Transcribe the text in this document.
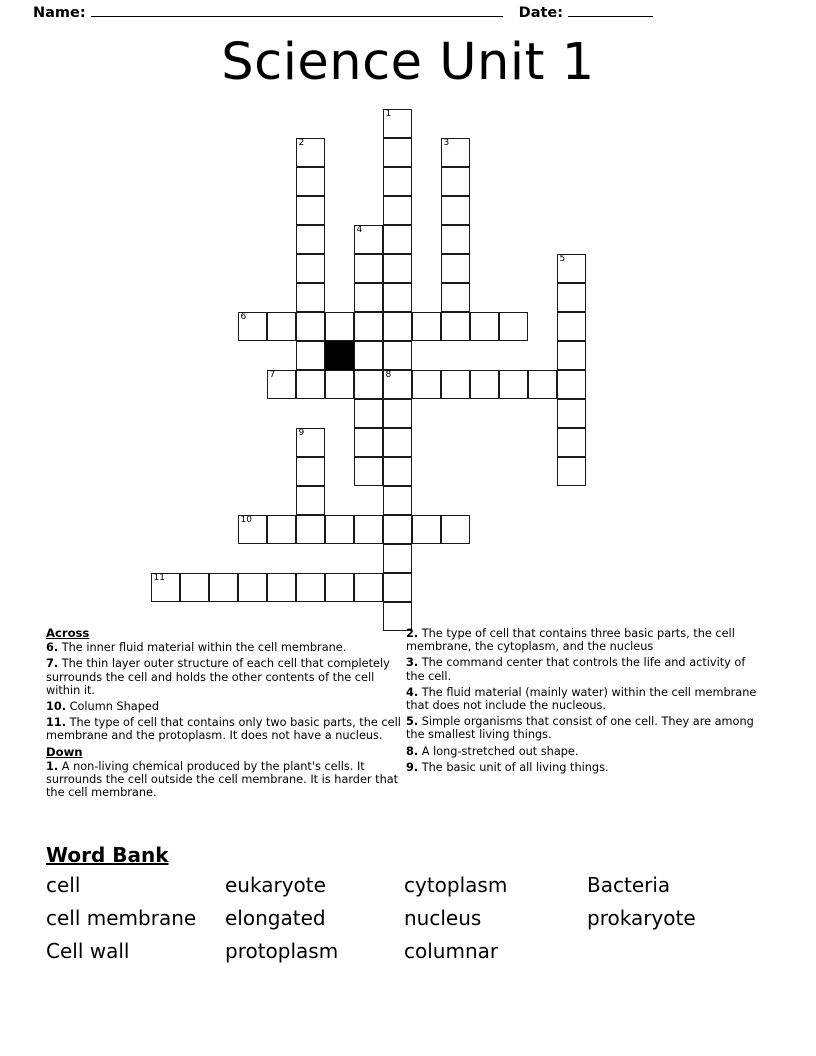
Name:	Date:
Science Unit 1
1
2	3
4
5
6
7	8
9
10
11
Across

6. The inner fluid material within the cell membrane.

7. The thin layer outer structure of each cell that completely surrounds the cell and holds the other contents of the cell within it.

10. Column Shaped

11. The type of cell that contains only two basic parts, the cell membrane and the protoplasm. It does not have a nucleus.

Down

1. A non-living chemical produced by the plant's cells. It surrounds the cell outside the cell membrane. It is harder that the cell membrane.

2. The type of cell that contains three basic parts, the cell membrane, the cytoplasm, and the nucleus

3. The command center that controls the life and activity of the cell.

4. The fluid material (mainly water) within the cell membrane that does not include the nucleous.

5. Simple organisms that consist of one cell. They are among the smallest living things.

8. A long-stretched out shape.

9. The basic unit of all living things.

Word Bank
cell	eukaryote	cytoplasm	Bacteria
cell membrane	elongated	nucleus	prokaryote
Cell wall	protoplasm	columnar
